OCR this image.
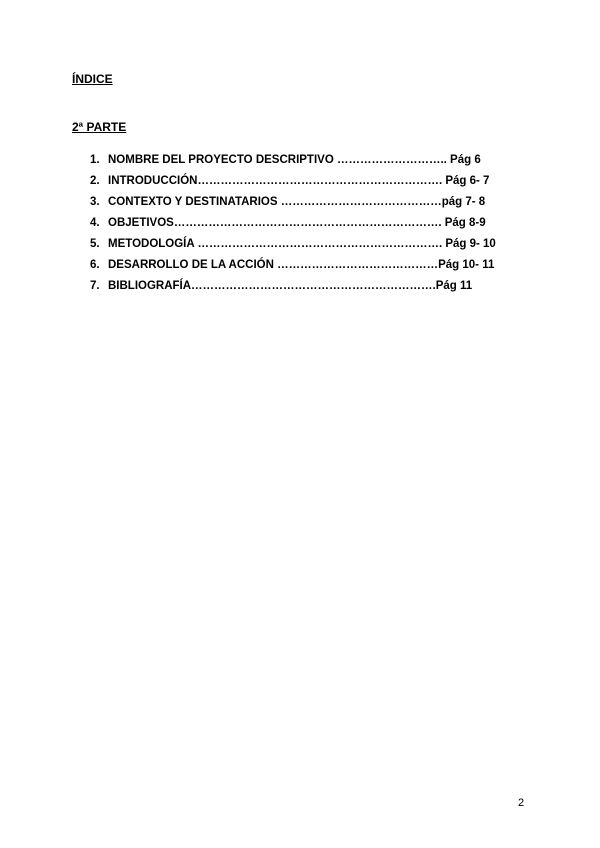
ÍNDICE
2ª PARTE
1. NOMBRE DEL PROYECTO DESCRIPTIVO ……………………….. Pág 6
2. INTRODUCCIÓN………………………………………………………. Pág 6- 7
3. CONTEXTO Y DESTINATARIOS ……………………………………pág 7- 8
4. OBJETIVOS……………………………………………………………. Pág 8-9
5. METODOLOGÍA ………………………………………………………. Pág 9- 10
6. DESARROLLO DE LA ACCIÓN ……………………………………Pág 10- 11
7. BIBLIOGRAFÍA……………………………………………………….Pág 11
2
